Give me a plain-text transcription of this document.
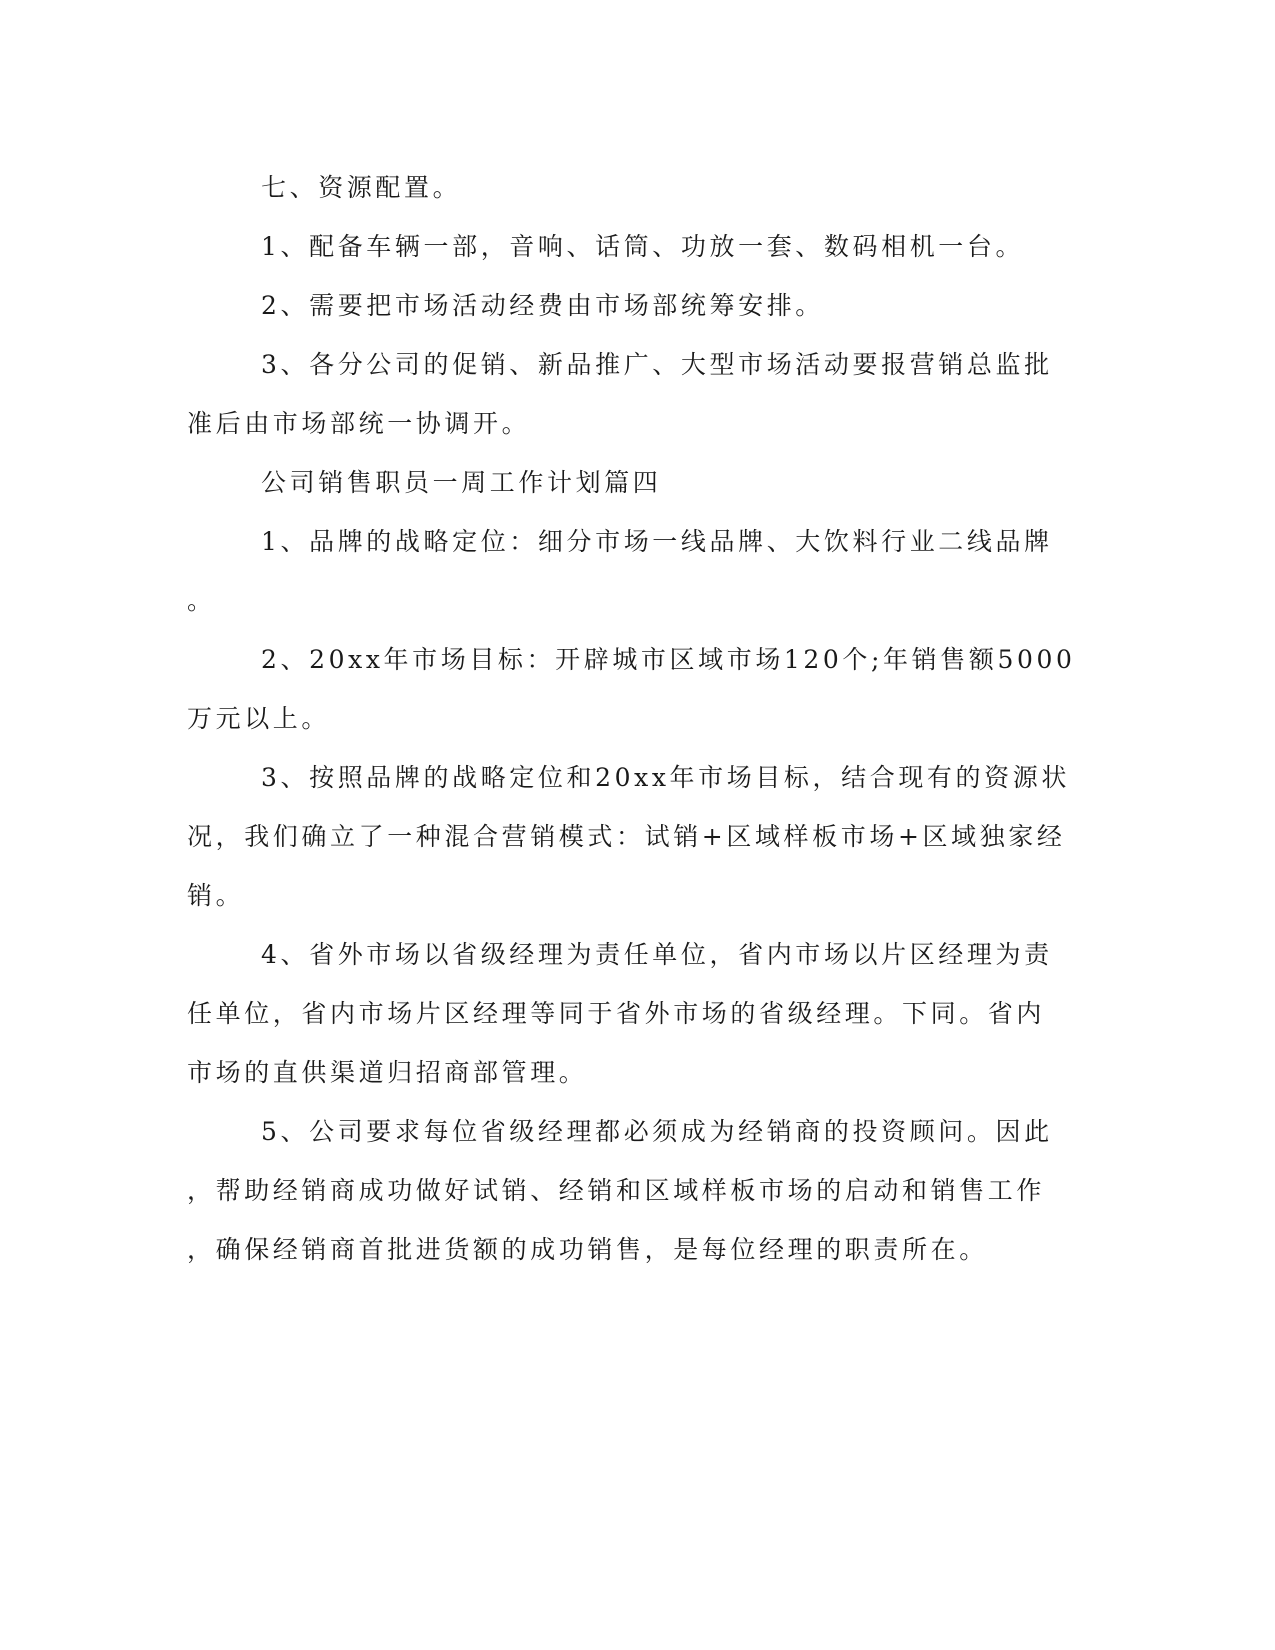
七、资源配置。
1、配备车辆一部，音响、话筒、功放一套、数码相机一台。
2、需要把市场活动经费由市场部统筹安排。
3、各分公司的促销、新品推广、大型市场活动要报营销总监批
准后由市场部统一协调开。
公司销售职员一周工作计划篇四
1、品牌的战略定位：细分市场一线品牌、大饮料行业二线品牌
。
2、20xx年市场目标：开辟城市区域市场120个;年销售额5000
万元以上。
3、按照品牌的战略定位和20xx年市场目标，结合现有的资源状
况，我们确立了一种混合营销模式：试销+区域样板市场+区域独家经
销。
4、省外市场以省级经理为责任单位，省内市场以片区经理为责
任单位，省内市场片区经理等同于省外市场的省级经理。下同。省内
市场的直供渠道归招商部管理。
5、公司要求每位省级经理都必须成为经销商的投资顾问。因此
，帮助经销商成功做好试销、经销和区域样板市场的启动和销售工作
，确保经销商首批进货额的成功销售，是每位经理的职责所在。
